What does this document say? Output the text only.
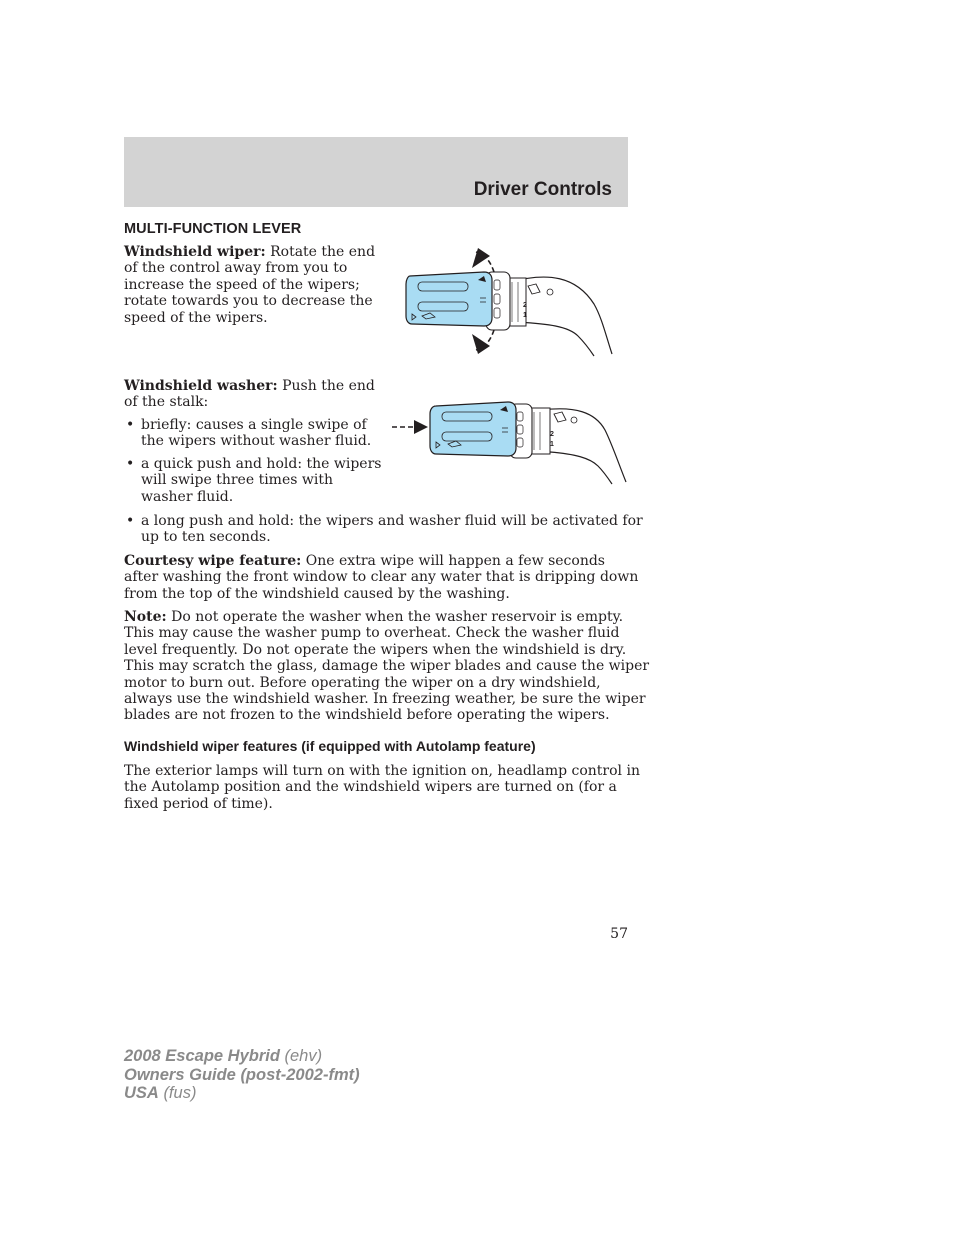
Driver Controls
MULTI-FUNCTION LEVER
Windshield wiper: Rotate the end
of the control away from you to
increase the speed of the wipers;
rotate towards you to decrease the
speed of the wipers.
2
1
Windshield washer: Push the end
of the stalk:
• briefly: causes a single swipe of
the wipers without washer fluid.
• a quick push and hold: the wipers
will swipe three times with
washer fluid.
• a long push and hold: the wipers and washer fluid will be activated for
up to ten seconds.
2
1
Courtesy wipe feature: One extra wipe will happen a few seconds
after washing the front window to clear any water that is dripping down
from the top of the windshield caused by the washing.
Note: Do not operate the washer when the washer reservoir is empty.
This may cause the washer pump to overheat. Check the washer fluid
level frequently. Do not operate the wipers when the windshield is dry.
This may scratch the glass, damage the wiper blades and cause the wiper
motor to burn out. Before operating the wiper on a dry windshield,
always use the windshield washer. In freezing weather, be sure the wiper
blades are not frozen to the windshield before operating the wipers.
Windshield wiper features (if equipped with Autolamp feature)
The exterior lamps will turn on with the ignition on, headlamp control in
the Autolamp position and the windshield wipers are turned on (for a
fixed period of time).
57
2008 Escape Hybrid (ehv)
Owners Guide (post-2002-fmt)
USA (fus)
